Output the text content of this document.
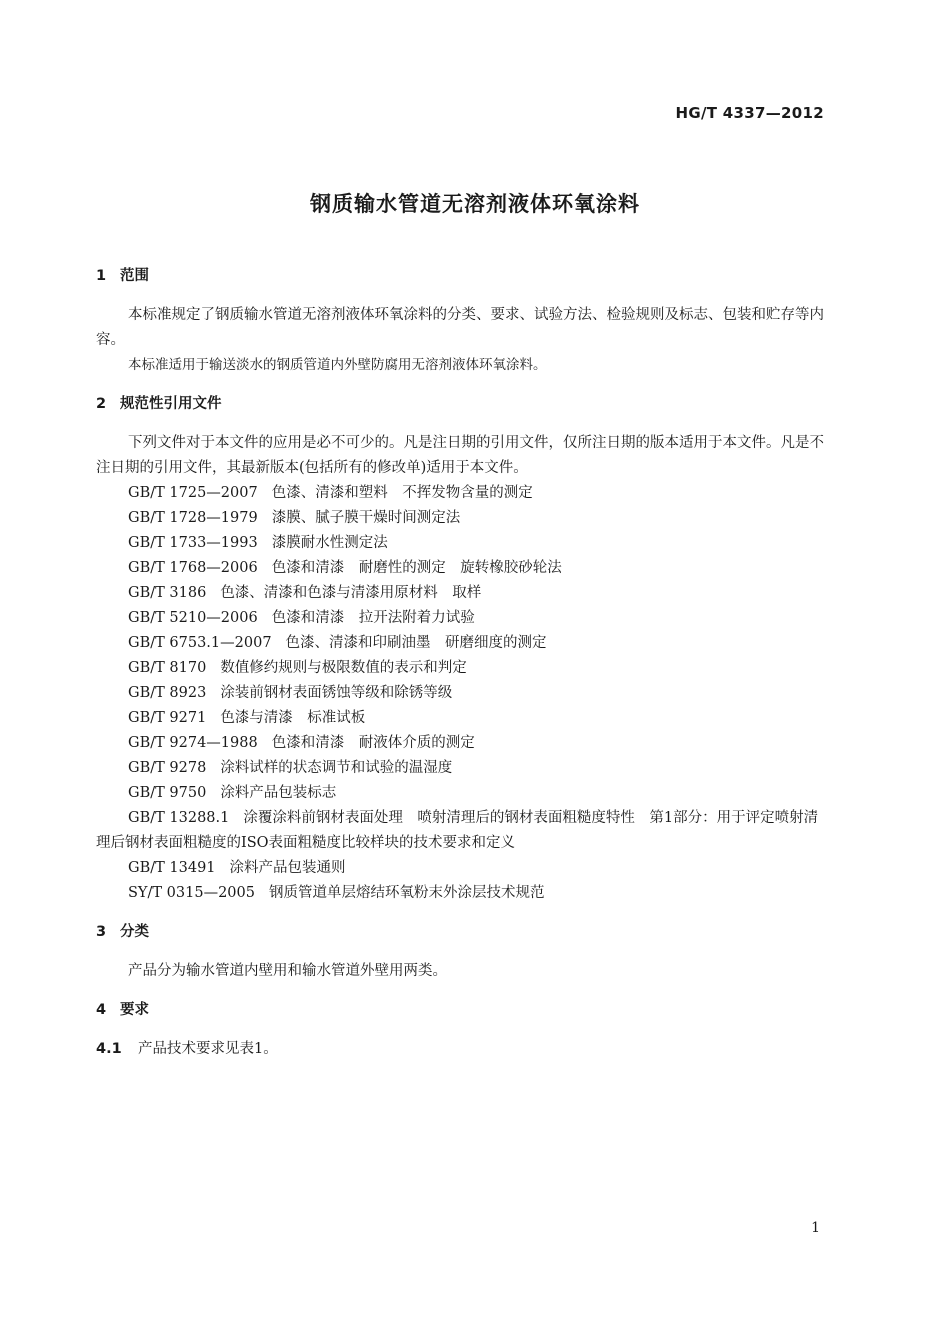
HG/T 4337—2012
钢质输水管道无溶剂液体环氧涂料
1 范围

本标准规定了钢质输水管道无溶剂液体环氧涂料的分类、要求、试验方法、检验规则及标志、包装和贮存等内容。

本标准适用于输送淡水的钢质管道内外壁防腐用无溶剂液体环氧涂料。

2 规范性引用文件

下列文件对于本文件的应用是必不可少的。凡是注日期的引用文件，仅所注日期的版本适用于本文件。凡是不注日期的引用文件，其最新版本(包括所有的修改单)适用于本文件。

GB/T 1725—2007 色漆、清漆和塑料　不挥发物含量的测定

GB/T 1728—1979 漆膜、腻子膜干燥时间测定法

GB/T 1733—1993 漆膜耐水性测定法

GB/T 1768—2006 色漆和清漆　耐磨性的测定　旋转橡胶砂轮法

GB/T 3186 色漆、清漆和色漆与清漆用原材料　取样

GB/T 5210—2006 色漆和清漆　拉开法附着力试验

GB/T 6753.1—2007 色漆、清漆和印刷油墨　研磨细度的测定

GB/T 8170 数值修约规则与极限数值的表示和判定

GB/T 8923 涂装前钢材表面锈蚀等级和除锈等级

GB/T 9271 色漆与清漆　标准试板

GB/T 9274—1988 色漆和清漆　耐液体介质的测定

GB/T 9278 涂料试样的状态调节和试验的温湿度

GB/T 9750 涂料产品包装标志

GB/T 13288.1 涂覆涂料前钢材表面处理　喷射清理后的钢材表面粗糙度特性　第1部分：用于评定喷射清理后钢材表面粗糙度的ISO表面粗糙度比较样块的技术要求和定义

GB/T 13491 涂料产品包装通则

SY/T 0315—2005 钢质管道单层熔结环氧粉末外涂层技术规范

3 分类

产品分为输水管道内壁用和输水管道外壁用两类。

4 要求

4.1 产品技术要求见表1。

1
